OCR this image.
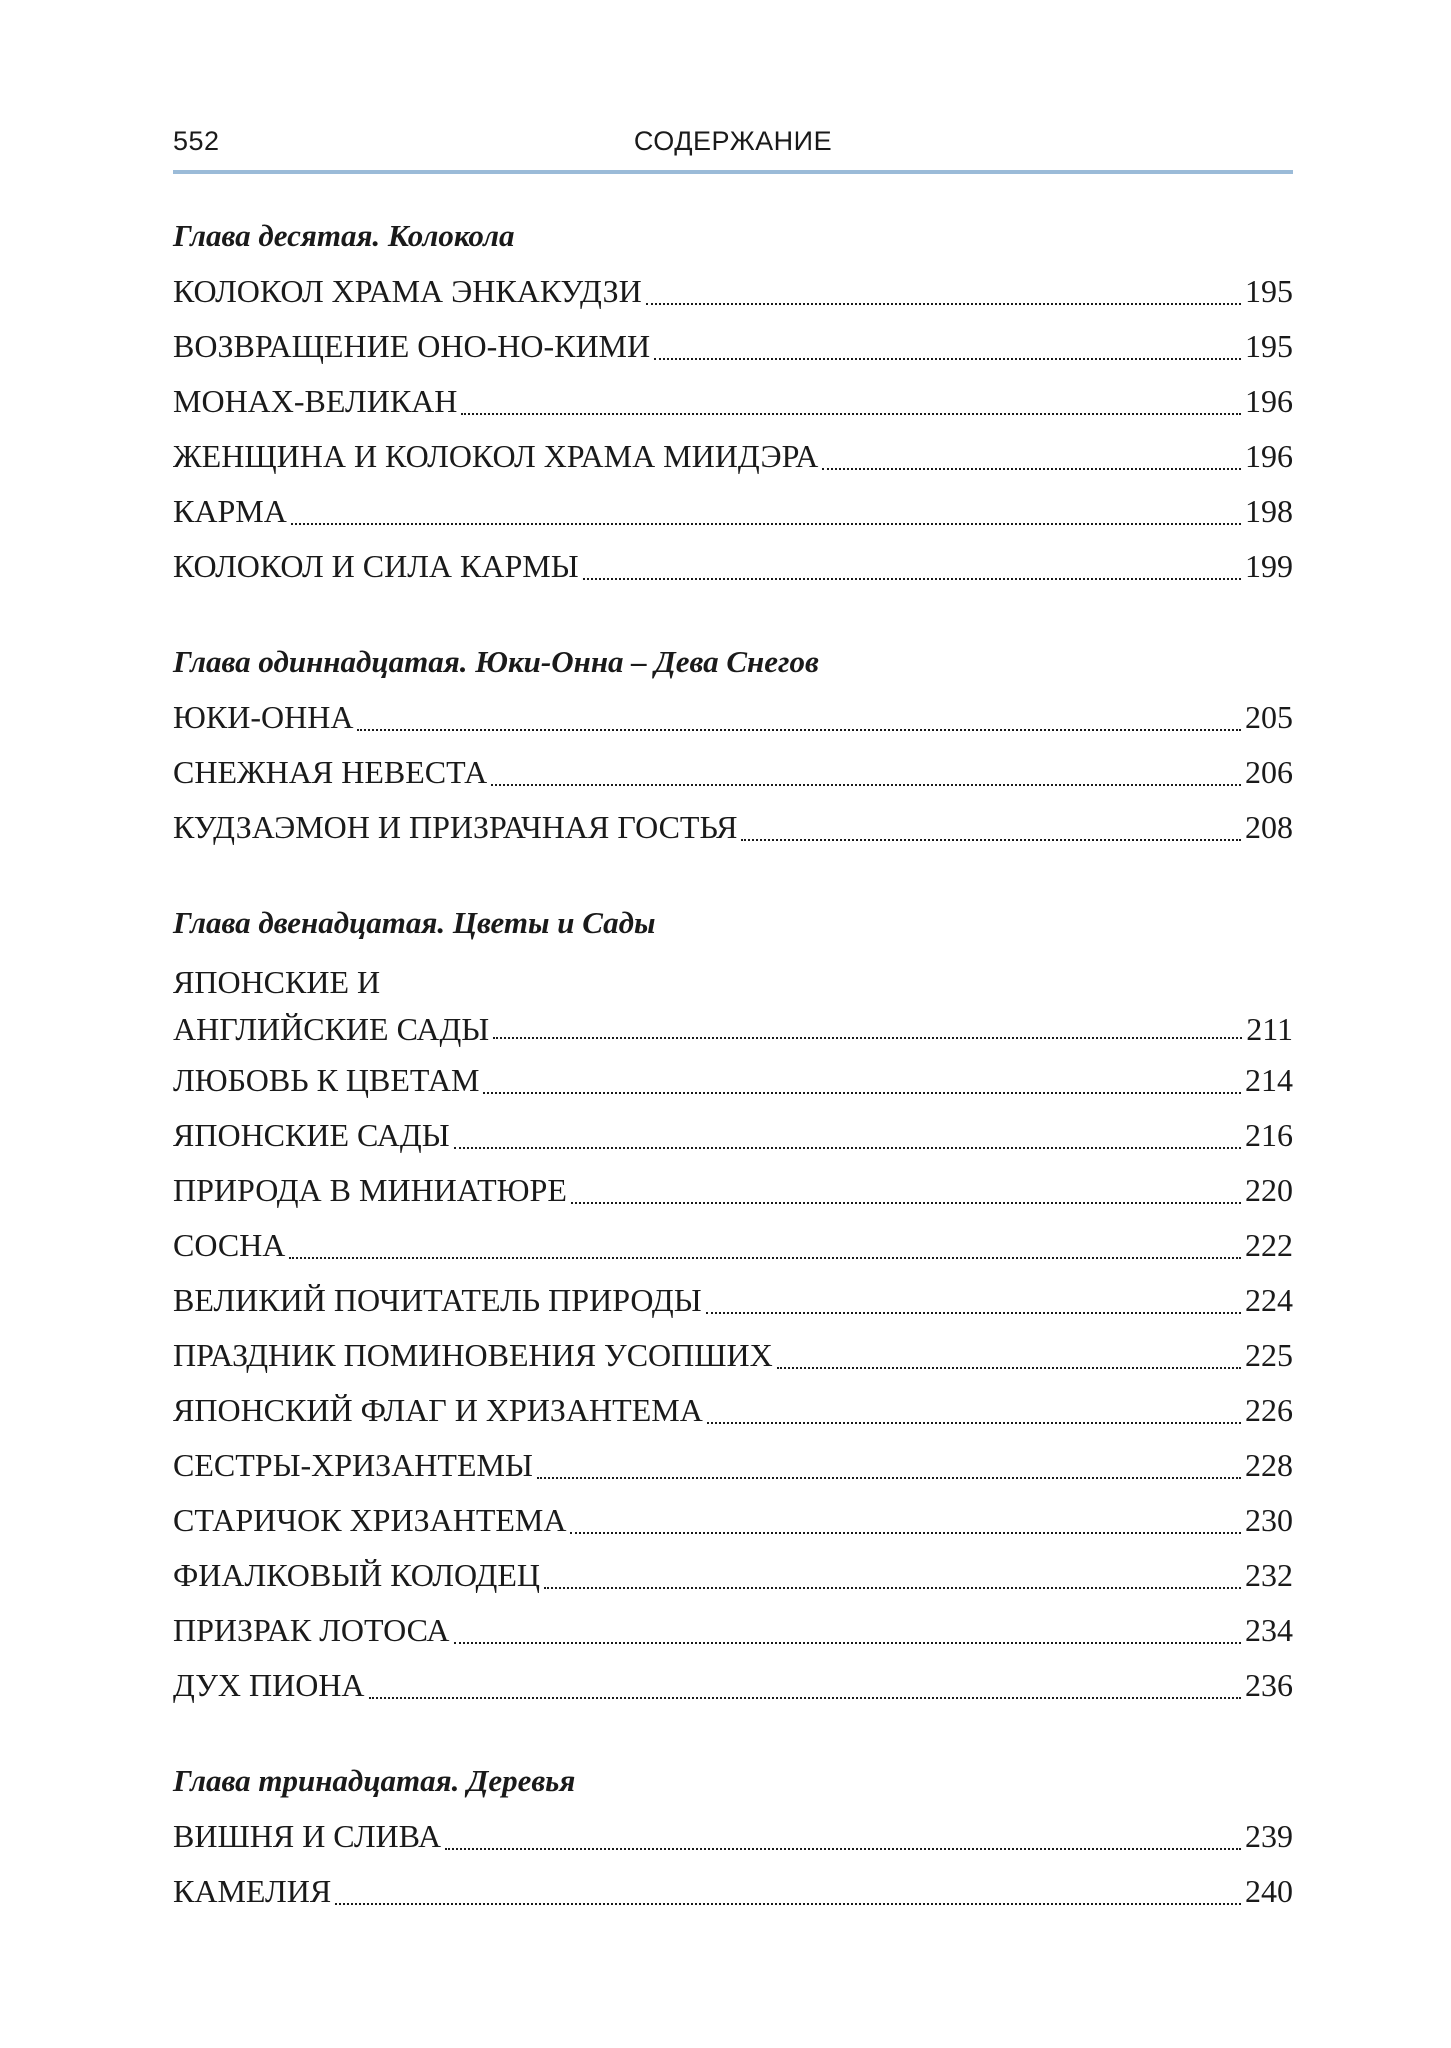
552	СОДЕРЖАНИЕ
Глава десятая. Колокола
КОЛОКОЛ ХРАМА ЭНКАКУДЗИ	195
ВОЗВРАЩЕНИЕ ОНО-НО-КИМИ	195
МОНАХ-ВЕЛИКАН	196
ЖЕНЩИНА И КОЛОКОЛ ХРАМА МИИДЭРА	196
КАРМА	198
КОЛОКОЛ И СИЛА КАРМЫ	199
Глава одиннадцатая. Юки-Онна – Дева Снегов
ЮКИ-ОННА	205
СНЕЖНАЯ НЕВЕСТА	206
КУДЗАЭМОН И ПРИЗРАЧНАЯ ГОСТЬЯ	208
Глава двенадцатая. Цветы и Сады
ЯПОНСКИЕ И
АНГЛИЙСКИЕ САДЫ	211
ЛЮБОВЬ К ЦВЕТАМ	214
ЯПОНСКИЕ САДЫ	216
ПРИРОДА В МИНИАТЮРЕ	220
СОСНА	222
ВЕЛИКИЙ ПОЧИТАТЕЛЬ ПРИРОДЫ	224
ПРАЗДНИК ПОМИНОВЕНИЯ УСОПШИХ	225
ЯПОНСКИЙ ФЛАГ И ХРИЗАНТЕМА	226
СЕСТРЫ-ХРИЗАНТЕМЫ	228
СТАРИЧОК ХРИЗАНТЕМА	230
ФИАЛКОВЫЙ КОЛОДЕЦ	232
ПРИЗРАК ЛОТОСА	234
ДУХ ПИОНА	236
Глава тринадцатая. Деревья
ВИШНЯ И СЛИВА	239
КАМЕЛИЯ	240
